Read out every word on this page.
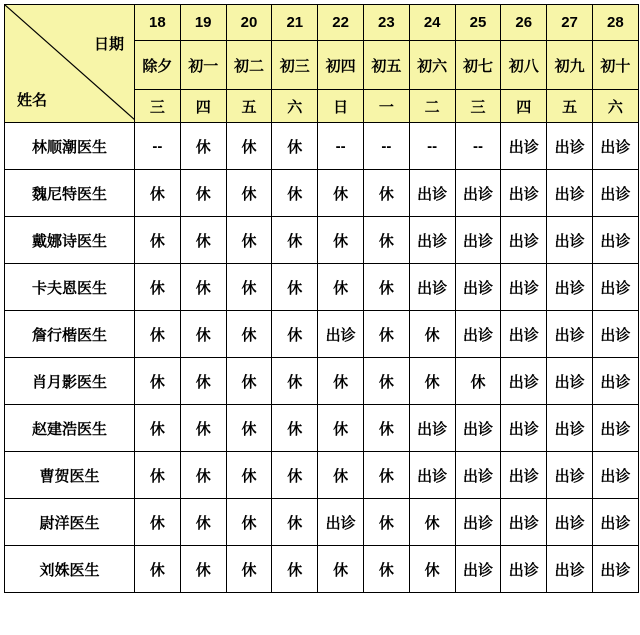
日期
姓名	18	19	20	21	22	23	24	25	26	27	28
	除夕	初一	初二	初三	初四	初五	初六	初七	初八	初九	初十
	三	四	五	六	日	一	二	三	四	五	六
林顺潮医生	--	休	休	休	--	--	--	--	出诊	出诊	出诊
魏尼特医生	休	休	休	休	休	休	出诊	出诊	出诊	出诊	出诊
戴娜诗医生	休	休	休	休	休	休	出诊	出诊	出诊	出诊	出诊
卡夫恩医生	休	休	休	休	休	休	出诊	出诊	出诊	出诊	出诊
詹行楷医生	休	休	休	休	出诊	休	休	出诊	出诊	出诊	出诊
肖月影医生	休	休	休	休	休	休	休	休	出诊	出诊	出诊
赵建浩医生	休	休	休	休	休	休	出诊	出诊	出诊	出诊	出诊
曹贺医生	休	休	休	休	休	休	出诊	出诊	出诊	出诊	出诊
尉洋医生	休	休	休	休	出诊	休	休	出诊	出诊	出诊	出诊
刘姝医生	休	休	休	休	休	休	休	出诊	出诊	出诊	出诊
